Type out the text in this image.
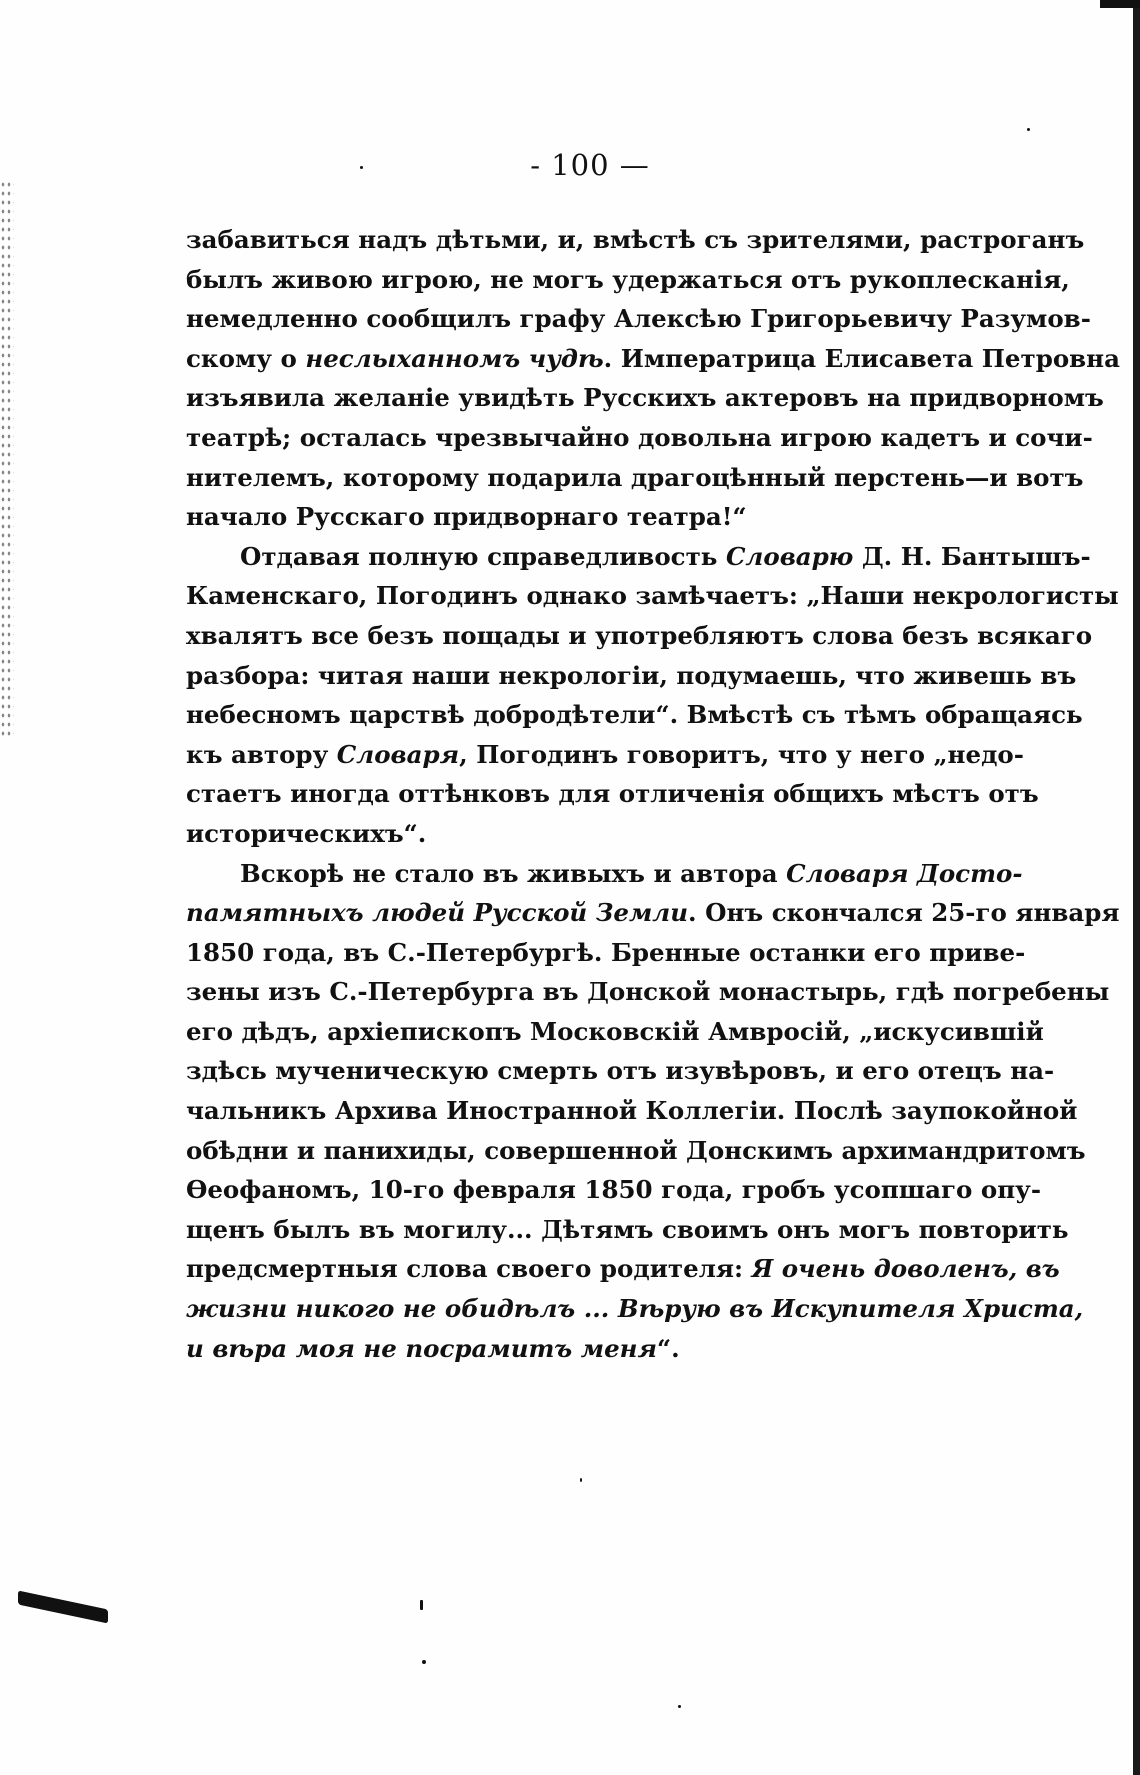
- 100 —

забавиться надъ дѣтьми, и, вмѣстѣ съ зрителями, растроганъ
былъ живою игрою, не могъ удержаться отъ рукоплесканія,
немедленно сообщилъ графу Алексѣю Григорьевичу Разумов-
скому о неслыханномъ чудѣ. Императрица Елисавета Петровна
изъявила желаніе увидѣть Русскихъ актеровъ на придворномъ
театрѣ; осталась чрезвычайно довольна игрою кадетъ и сочи-
нителемъ, которому подарила драгоцѣнный перстень—и вотъ
начало Русскаго придворнаго театра!“

Отдавая полную справедливость Словарю Д. Н. Бантышъ-
Каменскаго, Погодинъ однако замѣчаетъ: „Наши некрологисты
хвалятъ все безъ пощады и употребляютъ слова безъ всякаго
разбора: читая наши некрологіи, подумаешь, что живешь въ
небесномъ царствѣ добродѣтели“. Вмѣстѣ съ тѣмъ обращаясь
къ автору Словаря, Погодинъ говоритъ, что у него „недо-
стаетъ иногда оттѣнковъ для отличенія общихъ мѣстъ отъ
историческихъ“.

Вскорѣ не стало въ живыхъ и автора Словаря Досто-
памятныхъ людей Русской Земли. Онъ скончался 25-го января
1850 года, въ С.-Петербургѣ. Бренные останки его привe-
зены изъ С.-Петербурга въ Донской монастырь, гдѣ погребены
его дѣдъ, архіепископъ Московскій Амвросій, „искусившій
здѣсь мученическую смерть отъ изувѣровъ, и его отецъ на-
чальникъ Архива Иностранной Коллегіи. Послѣ заупокойной
обѣдни и панихиды, совершенной Донскимъ архимандритомъ
Ѳеофаномъ, 10-го февраля 1850 года, гробъ усопшаго опу-
щенъ былъ въ могилу... Дѣтямъ своимъ онъ могъ повторить
предсмертныя слова своего родителя: Я очень доволенъ, въ
жизни никого не обидѣлъ ... Вѣрую въ Искупителя Христа,
и вѣра моя не посрамитъ меня“.
